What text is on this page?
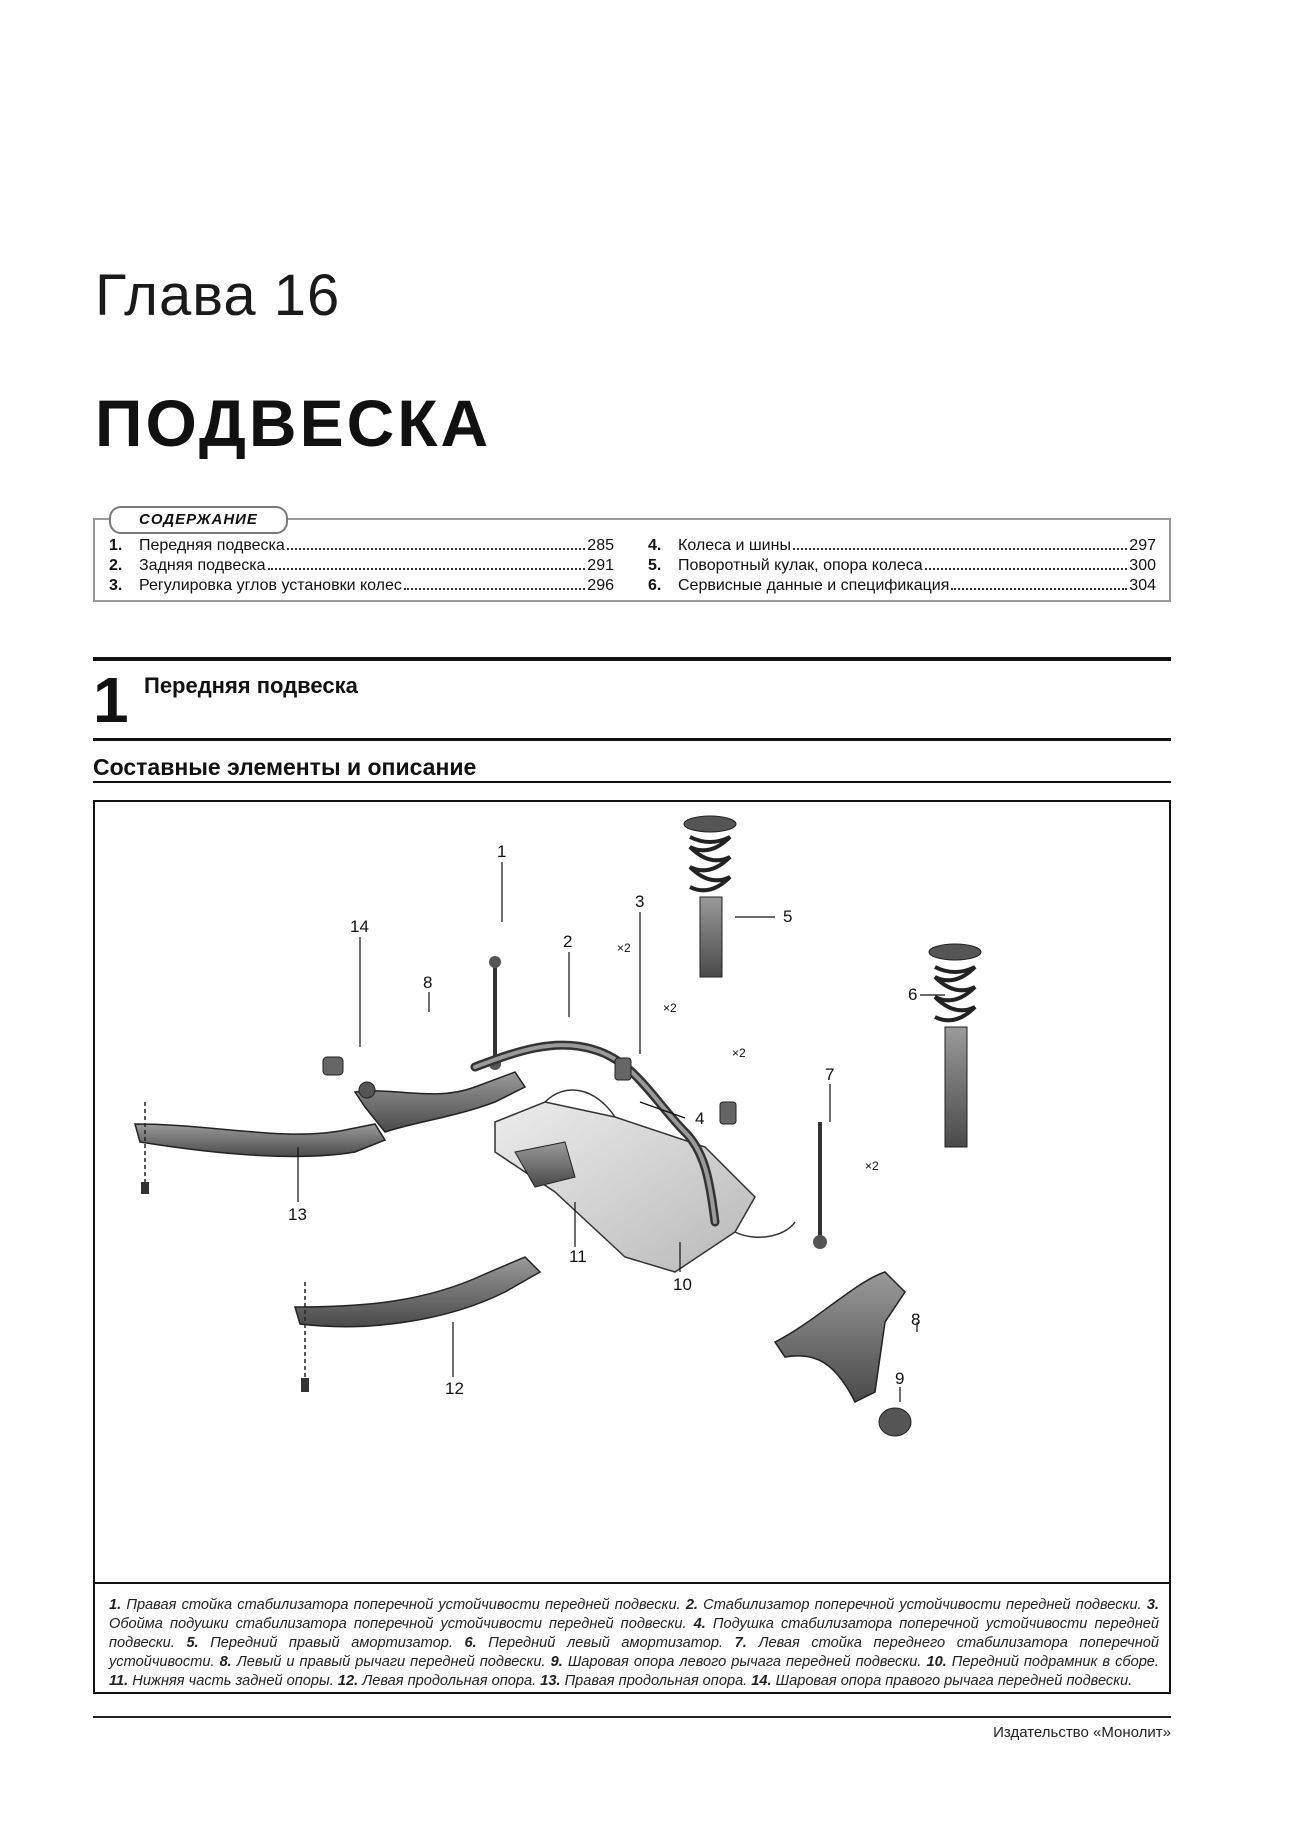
Глава 16
ПОДВЕСКА
СОДЕРЖАНИЕ
1.	Передняя подвеска	285
2.	Задняя подвеска	291
3.	Регулировка углов установки колес	296
4.	Колеса и шины	297
5.	Поворотный кулак, опора колеса	300
6.	Сервисные данные и спецификация	304
1 Передняя подвеска
Составные элементы и описание
1
2
3
4
5
6
7
8
9
10
11
12
13
14
8
×2
×2
×2
×2
1. Правая стойка стабилизатора поперечной устойчивости передней подвески. 2. Стабилизатор поперечной устойчивости передней подвески. 3. Обойма подушки стабилизатора поперечной устойчивости передней подвески. 4. Подушка стабилизатора поперечной устойчивости передней подвески. 5. Передний правый амортизатор. 6. Передний левый амортизатор. 7. Левая стойка переднего стабилизатора поперечной устойчивости. 8. Левый и правый рычаги передней подвески. 9. Шаровая опора левого рычага передней подвески. 10. Передний подрамник в сборе. 11. Нижняя часть задней опоры. 12. Левая продольная опора. 13. Правая продольная опора. 14. Шаровая опора правого рычага передней подвески.
Издательство «Монолит»
